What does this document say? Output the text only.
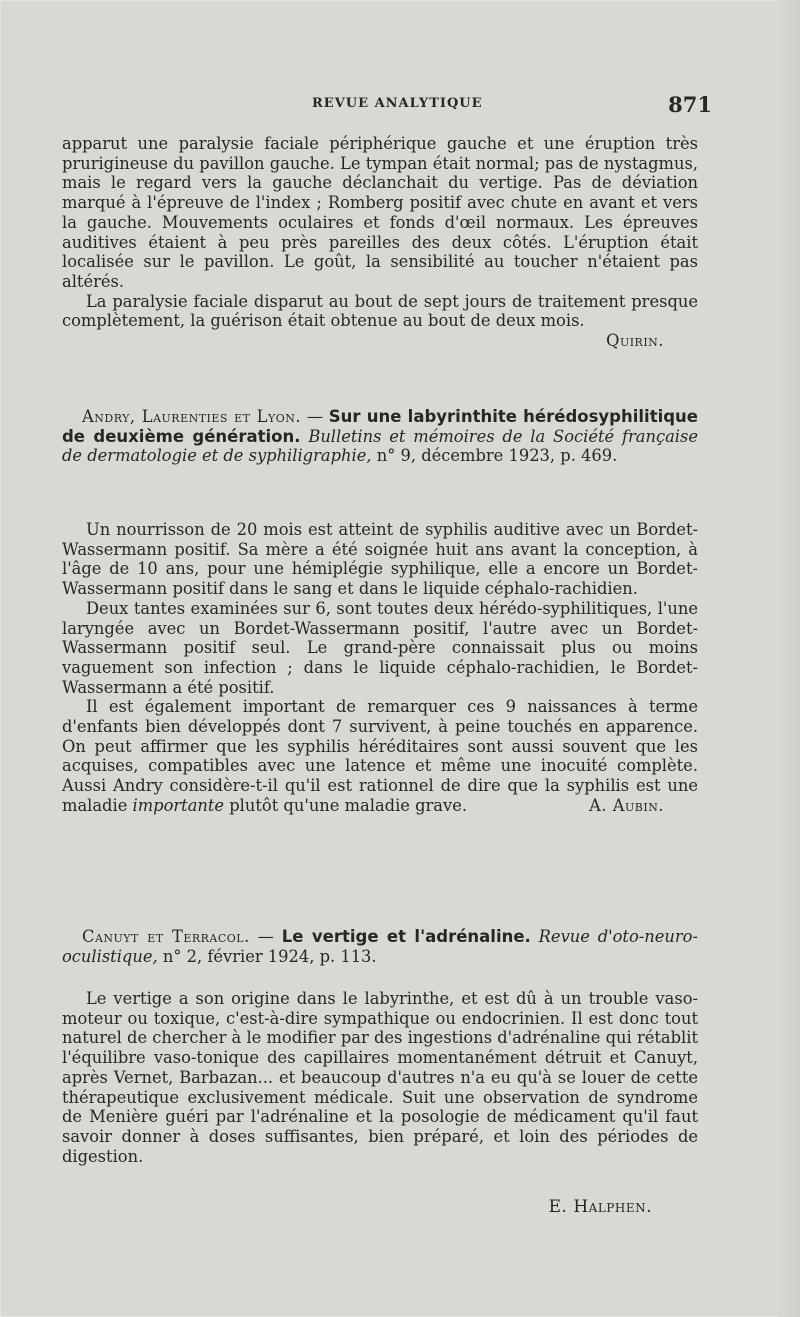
REVUE ANALYTIQUE	871

apparut une paralysie faciale périphérique gauche et une éruption très prurigineuse du pavillon gauche. Le tympan était normal; pas de nystagmus, mais le regard vers la gauche déclanchait du vertige. Pas de déviation marqué à l'épreuve de l'index ; Romberg positif avec chute en avant et vers la gauche. Mouvements oculaires et fonds d'œil normaux. Les épreuves auditives étaient à peu près pareilles des deux côtés. L'éruption était localisée sur le pavillon. Le goût, la sensibilité au toucher n'étaient pas altérés.

La paralysie faciale disparut au bout de sept jours de traitement presque complètement, la guérison était obtenue au bout de deux mois.
Quirin.

Andry, Laurenties et Lyon. — Sur une labyrinthite hérédosyphilitique de deuxième génération. Bulletins et mémoires de la Société française de dermatologie et de syphiligraphie, n° 9, décembre 1923, p. 469.

Un nourrisson de 20 mois est atteint de syphilis auditive avec un Bordet-Wassermann positif. Sa mère a été soignée huit ans avant la conception, à l'âge de 10 ans, pour une hémiplégie syphilique, elle a encore un Bordet-Wassermann positif dans le sang et dans le liquide céphalo-rachidien.

Deux tantes examinées sur 6, sont toutes deux hérédo-syphilitiques, l'une laryngée avec un Bordet-Wassermann positif, l'autre avec un Bordet-Wassermann positif seul. Le grand-père connaissait plus ou moins vaguement son infection ; dans le liquide céphalo-rachidien, le Bordet-Wassermann a été positif.

Il est également important de remarquer ces 9 naissances à terme d'enfants bien développés dont 7 survivent, à peine touchés en apparence. On peut affirmer que les syphilis héréditaires sont aussi souvent que les acquises, compatibles avec une latence et même une inocuité complète. Aussi Andry considère-t-il qu'il est rationnel de dire que la syphilis est une maladie importante plutôt qu'une maladie grave.	A. Aubin.

Canuyt et Terracol. — Le vertige et l'adrénaline. Revue d'oto-neuro-oculistique, n° 2, février 1924, p. 113.

Le vertige a son origine dans le labyrinthe, et est dû à un trouble vaso-moteur ou toxique, c'est-à-dire sympathique ou endocrinien. Il est donc tout naturel de chercher à le modifier par des ingestions d'adrénaline qui rétablit l'équilibre vaso-tonique des capillaires momentanément détruit et Canuyt, après Vernet, Barbazan... et beaucoup d'autres n'a eu qu'à se louer de cette thérapeutique exclusivement médicale. Suit une observation de syndrome de Menière guéri par l'adrénaline et la posologie de médicament qu'il faut savoir donner à doses suffisantes, bien préparé, et loin des périodes de digestion.

E. Halphen.
